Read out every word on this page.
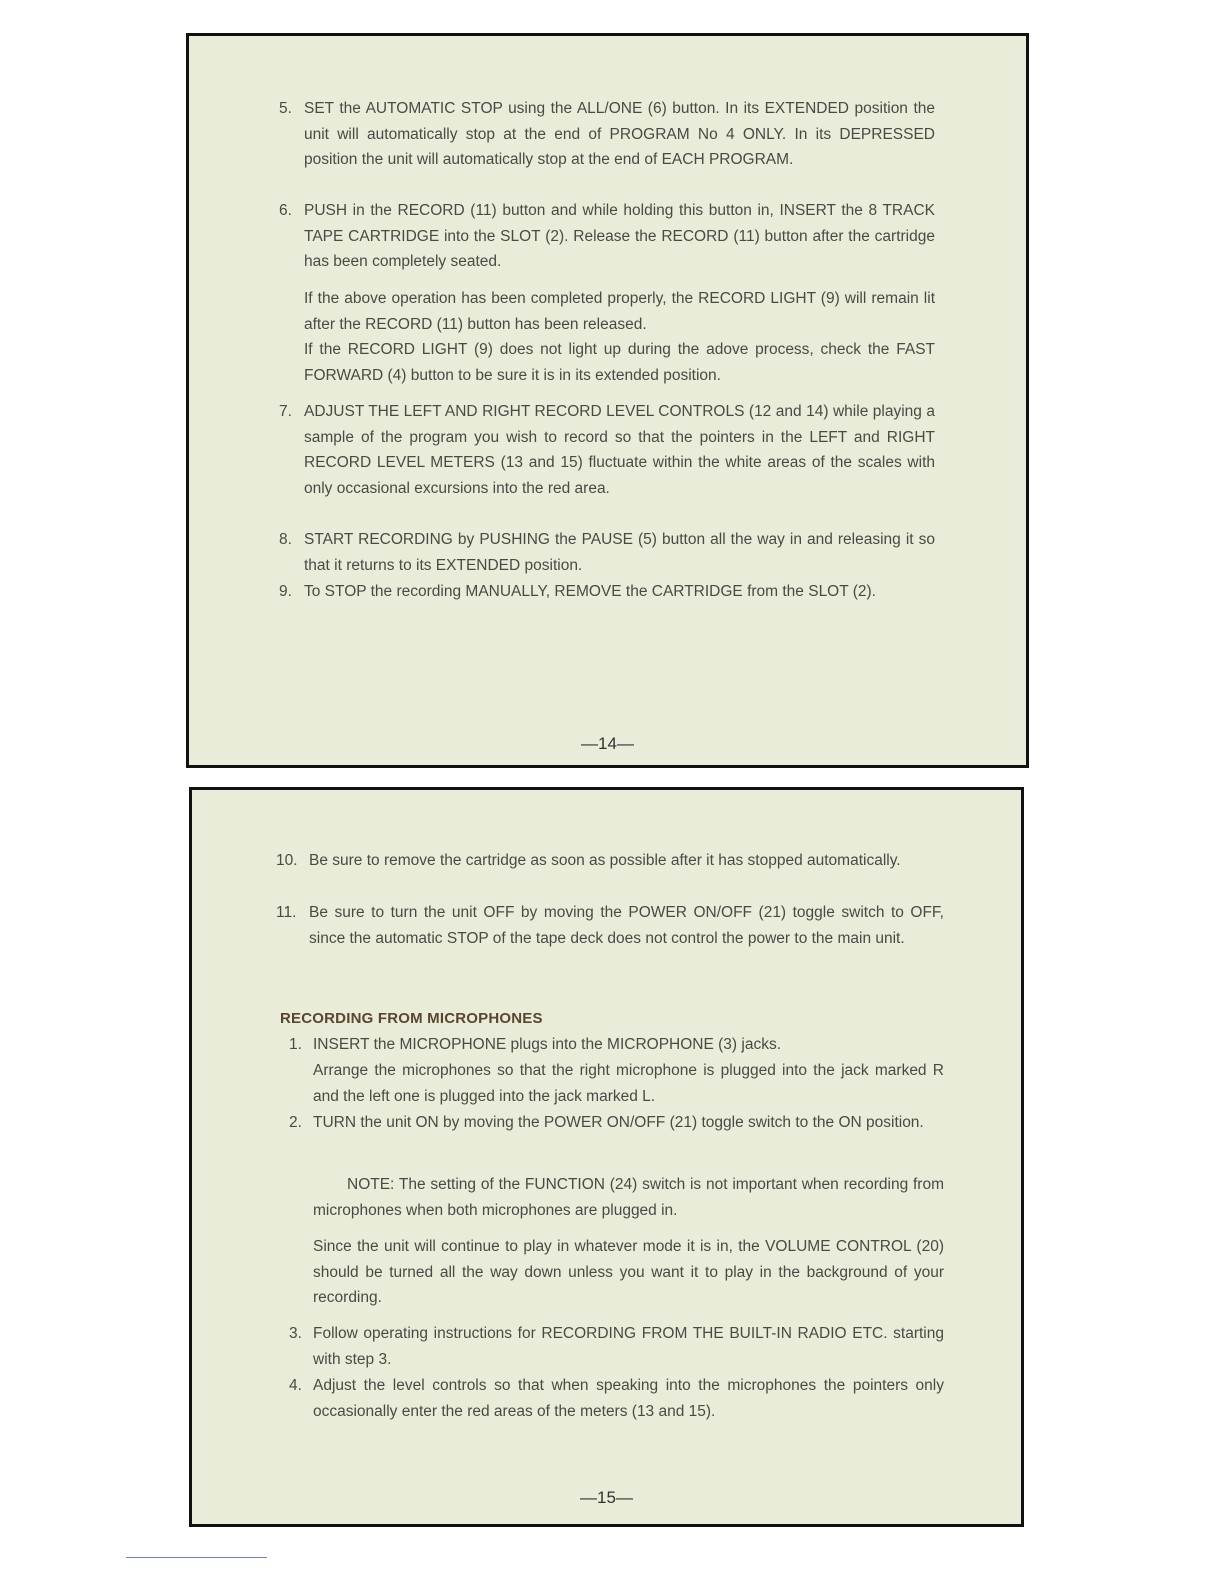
5. SET the AUTOMATIC STOP using the ALL/ONE (6) button. In its EXTENDED position the unit will automatically stop at the end of PROGRAM No 4 ONLY. In its DEPRESSED position the unit will automatically stop at the end of EACH PROGRAM.
6. PUSH in the RECORD (11) button and while holding this button in, INSERT the 8 TRACK TAPE CARTRIDGE into the SLOT (2). Release the RECORD (11) button after the cartridge has been completely seated.
If the above operation has been completed properly, the RECORD LIGHT (9) will remain lit after the RECORD (11) button has been released.
If the RECORD LIGHT (9) does not light up during the adove process, check the FAST FORWARD (4) button to be sure it is in its extended position.
7. ADJUST THE LEFT AND RIGHT RECORD LEVEL CONTROLS (12 and 14) while playing a sample of the program you wish to record so that the pointers in the LEFT and RIGHT RECORD LEVEL METERS (13 and 15) fluctuate within the white areas of the scales with only occasional excursions into the red area.
8. START RECORDING by PUSHING the PAUSE (5) button all the way in and releasing it so that it returns to its EXTENDED position.
9. To STOP the recording MANUALLY, REMOVE the CARTRIDGE from the SLOT (2).
—14—
10. Be sure to remove the cartridge as soon as possible after it has stopped automatically.
11. Be sure to turn the unit OFF by moving the POWER ON/OFF (21) toggle switch to OFF, since the automatic STOP of the tape deck does not control the power to the main unit.
RECORDING FROM MICROPHONES
1. INSERT the MICROPHONE plugs into the MICROPHONE (3) jacks.
Arrange the microphones so that the right microphone is plugged into the jack marked R and the left one is plugged into the jack marked L.
2. TURN the unit ON by moving the POWER ON/OFF (21) toggle switch to the ON position.
NOTE: The setting of the FUNCTION (24) switch is not important when recording from microphones when both microphones are plugged in.
Since the unit will continue to play in whatever mode it is in, the VOLUME CONTROL (20) should be turned all the way down unless you want it to play in the background of your recording.
3. Follow operating instructions for RECORDING FROM THE BUILT-IN RADIO ETC. starting with step 3.
4. Adjust the level controls so that when speaking into the microphones the pointers only occasionally enter the red areas of the meters (13 and 15).
—15—
